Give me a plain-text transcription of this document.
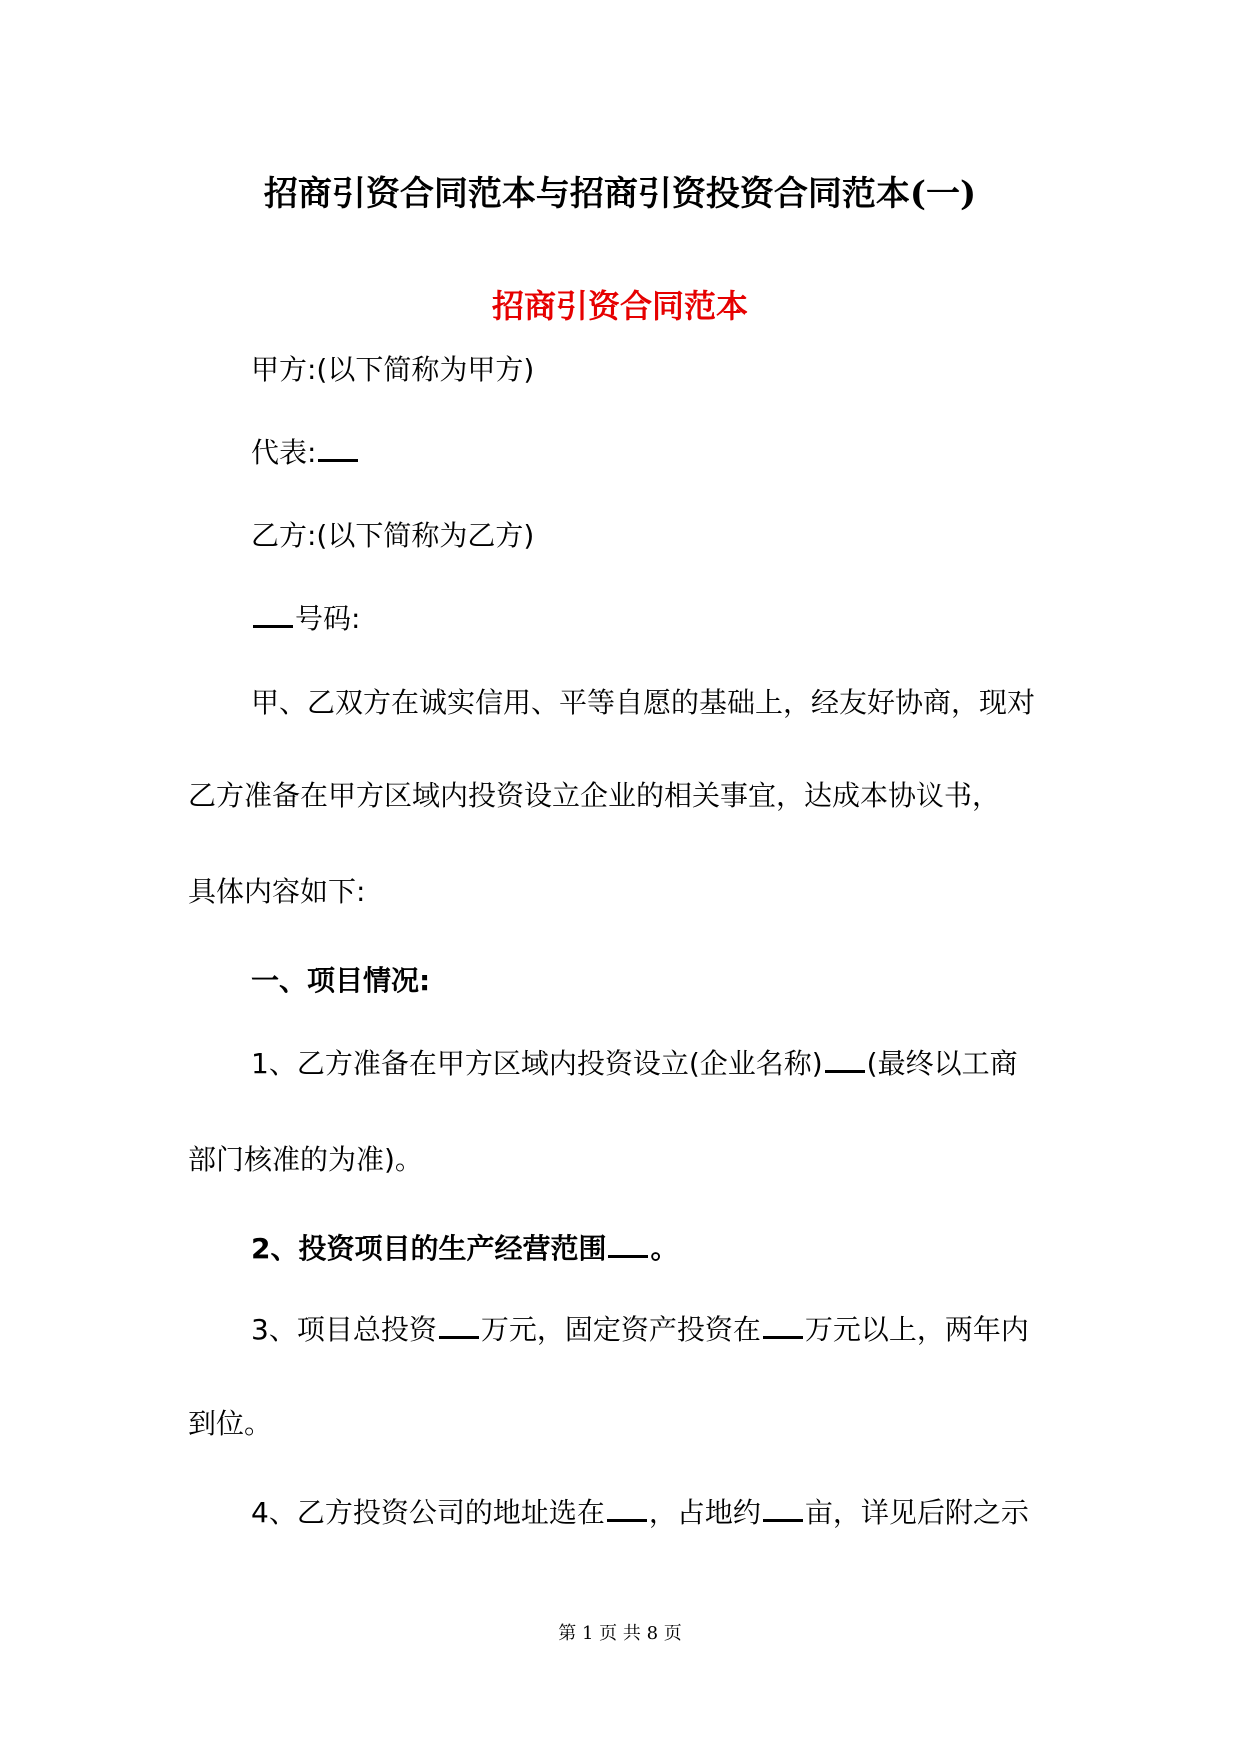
招商引资合同范本与招商引资投资合同范本(一)
招商引资合同范本

甲方:(以下简称为甲方)

代表:

乙方:(以下简称为乙方)

号码:

甲、乙双方在诚实信用、平等自愿的基础上，经友好协商，现对

乙方准备在甲方区域内投资设立企业的相关事宜，达成本协议书，

具体内容如下:

一、项目情况:

1、乙方准备在甲方区域内投资设立(企业名称) (最终以工商

部门核准的为准)。

2、投资项目的生产经营范围 。

3、项目总投资 万元，固定资产投资在 万元以上，两年内

到位。

4、乙方投资公司的地址选在 ，占地约 亩，详见后附之示

第 1 页 共 8 页
